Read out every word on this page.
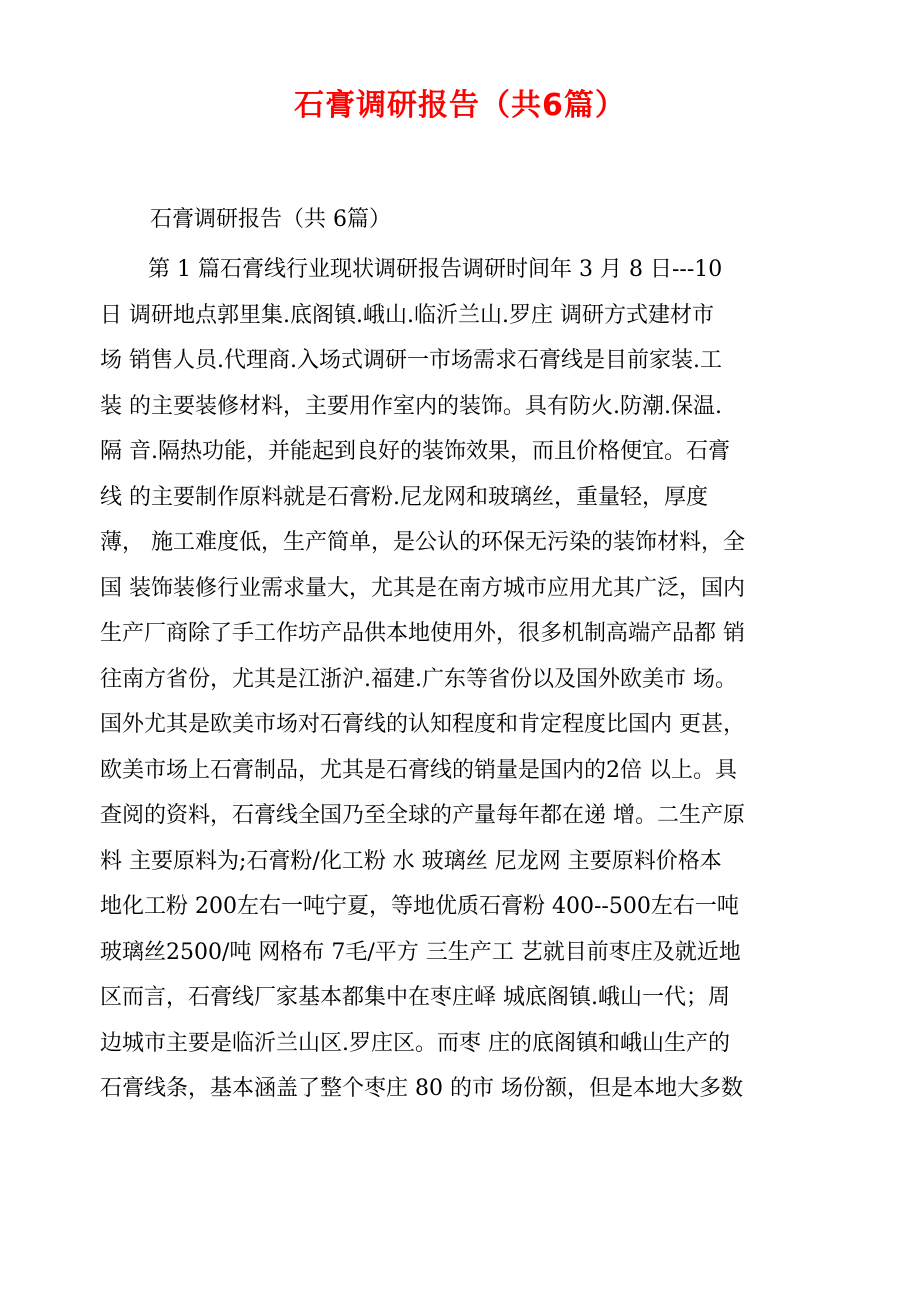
石膏调研报告（共6篇）
石膏调研报告（共 6篇）
第 1 篇石膏线行业现状调研报告调研时间年 3 月 8 日---10
日 调研地点郭里集.底阁镇.峨山.临沂兰山.罗庄 调研方式建材市
场 销售人员.代理商.入场式调研一市场需求石膏线是目前家装.工
装 的主要装修材料，主要用作室内的装饰。具有防火.防潮.保温.
隔 音.隔热功能，并能起到良好的装饰效果，而且价格便宜。石膏
线 的主要制作原料就是石膏粉.尼龙网和玻璃丝，重量轻，厚度
薄， 施工难度低，生产简单，是公认的环保无污染的装饰材料，全
国 装饰装修行业需求量大，尤其是在南方城市应用尤其广泛，国内
生产厂商除了手工作坊产品供本地使用外，很多机制高端产品都 销
往南方省份，尤其是江浙沪.福建.广东等省份以及国外欧美市 场。
国外尤其是欧美市场对石膏线的认知程度和肯定程度比国内 更甚，
欧美市场上石膏制品，尤其是石膏线的销量是国内的2倍 以上。具
查阅的资料，石膏线全国乃至全球的产量每年都在递 增。二生产原
料 主要原料为;石膏粉/化工粉 水 玻璃丝 尼龙网 主要原料价格本
地化工粉 200左右一吨宁夏，等地优质石膏粉 400--500左右一吨
玻璃丝2500/吨 网格布 7毛/平方 三生产工 艺就目前枣庄及就近地
区而言，石膏线厂家基本都集中在枣庄峄 城底阁镇.峨山一代；周
边城市主要是临沂兰山区.罗庄区。而枣 庄的底阁镇和峨山生产的
石膏线条，基本涵盖了整个枣庄 80 的市 场份额，但是本地大多数
